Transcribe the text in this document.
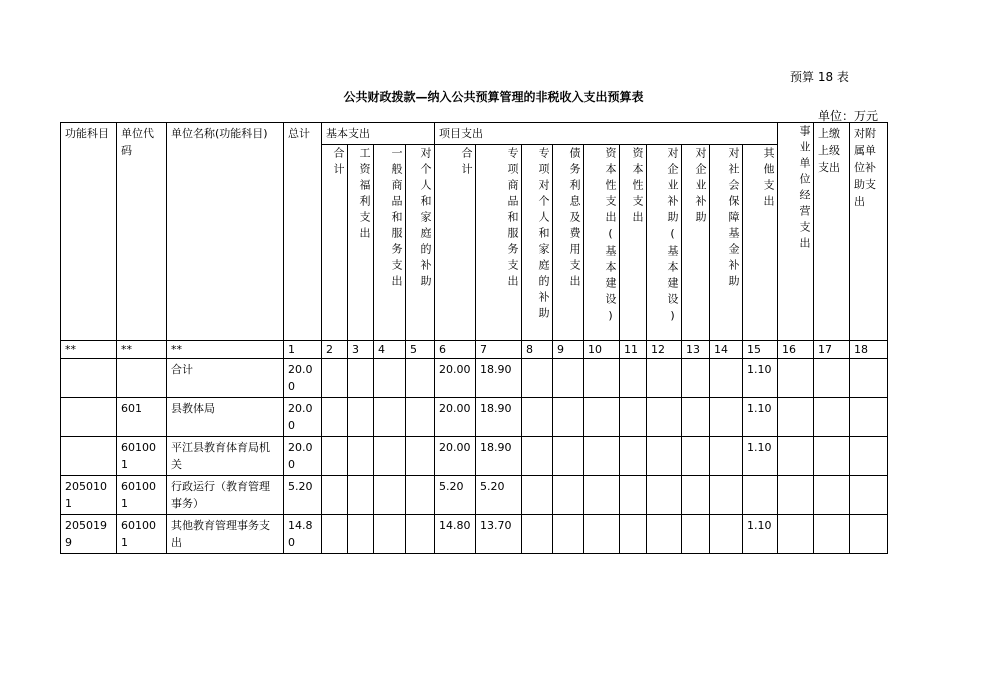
预算 18 表
公共财政拨款—纳入公共预算管理的非税收入支出预算表
单位：万元
功能科目	单位代码	单位名称(功能科目)	总计	基本支出				项目支出										事业单位经营支出	上缴上级支出	对附属单位补助支出
				合计	工资福利支出	一般商品和服务支出	对个人和家庭的补助	合计	专项商品和服务支出	专项对个人和家庭的补助	债务利息及费用支出	资本性支出(基本建设)	资本性支出	对企业补助(基本建设)	对企业补助	对社会保障基金补助	其他支出			
**	**	**	1	2	3	4	5	6	7	8	9	10	11	12	13	14	15	16	17	18
		合计	20.00					20.00	18.90								1.10			
	601	县教体局	20.00					20.00	18.90								1.10			
	601001	平江县教育体育局机关	20.00					20.00	18.90								1.10			
2050101	601001	行政运行（教育管理事务）	5.20					5.20	5.20											
2050199	601001	其他教育管理事务支出	14.80					14.80	13.70								1.10			
